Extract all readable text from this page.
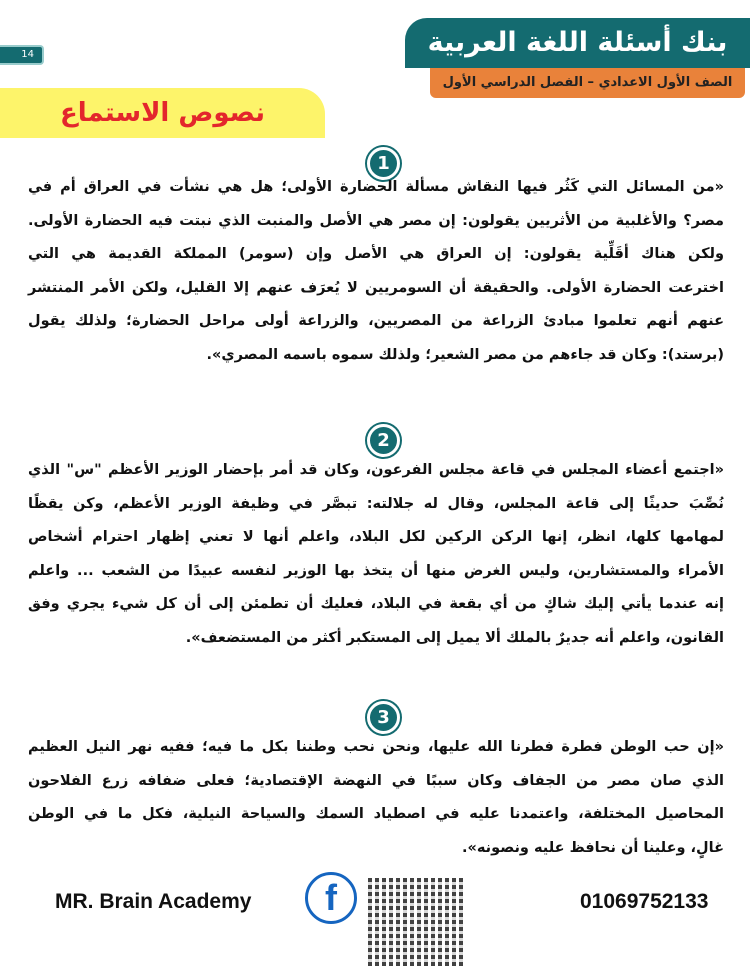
14	بنك أسئلة اللغة العربية
الصف الأول الاعدادي – الفصل الدراسي الأول
نصوص الاستماع
1
«من المسائل التي كَثُر فيها النقاش مسألة الحضارة الأولى؛ هل هي نشأت في العراق أم في
مصر؟ والأغلبية من الأثريين يقولون: إن مصر هي الأصل والمنبت الذي نبتت فيه الحضارة الأولى.
ولكن هناك أقَلِّية يقولون: إن العراق هي الأصل وإن (سومر) المملكة القديمة هي التي
اخترعت الحضارة الأولى. والحقيقة أن السومريين لا يُعرَف عنهم إلا القليل، ولكن الأمر المنتشر
عنهم أنهم تعلموا مبادئ الزراعة من المصريين، والزراعة أولى مراحل الحضارة؛ ولذلك يقول
(برستد): وكان قد جاءهم من مصر الشعير؛ ولذلك سموه باسمه المصري».
2
«اجتمع أعضاء المجلس في قاعة مجلس الفرعون، وكان قد أمر بإحضار الوزير الأعظم "س" الذي
نُصِّبَ حديثًا إلى قاعة المجلس، وقال له جلالته: تبصَّر في وظيفة الوزير الأعظم، وكن يقظًا
لمهامها كلها، انظر، إنها الركن الركين لكل البلاد، واعلم أنها لا تعني إظهار احترام أشخاص
الأمراء والمستشارين، وليس الغرض منها أن يتخذ بها الوزير لنفسه عبيدًا من الشعب ... واعلم
إنه عندما يأتي إليك شاكٍ من أي بقعة في البلاد، فعليك أن تطمئن إلى أن كل شيء يجري وفق
القانون، واعلم أنه جديرٌ بالملك ألا يميل إلى المستكبر أكثر من المستضعف».
3
«إن حب الوطن فطرة فطرنا الله عليها، ونحن نحب وطننا بكل ما فيه؛ ففيه نهر النيل العظيم
الذي صان مصر من الجفاف وكان سببًا في النهضة الإقتصادية؛ فعلى ضفافه زرع الفلاحون
المحاصيل المختلفة، واعتمدنا عليه في اصطياد السمك والسياحة النيلية، فكل ما في الوطن
غالٍ، وعلينا أن نحافظ عليه ونصونه».
MR. Brain Academy	f	01069752133
